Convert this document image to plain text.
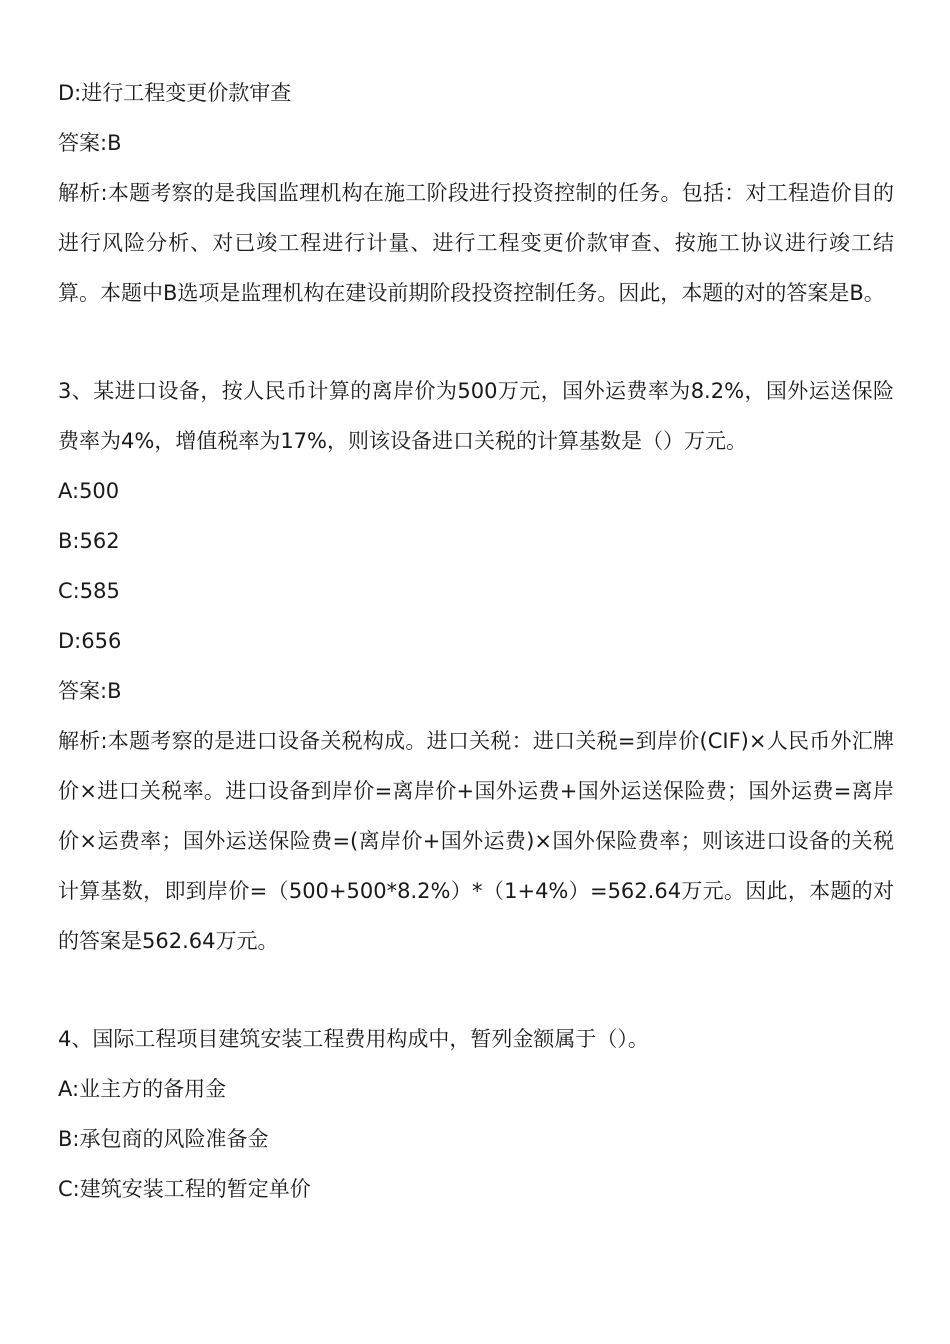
D:进行工程变更价款审查
答案:B
解析:本题考察的是我国监理机构在施工阶段进行投资控制的任务。包括：对工程造价目的进行风险分析、对已竣工程进行计量、进行工程变更价款审查、按施工协议进行竣工结算。本题中B选项是监理机构在建设前期阶段投资控制任务。因此，本题的对的答案是B。
3、某进口设备，按人民币计算的离岸价为500万元，国外运费率为8.2%，国外运送保险费率为4%，增值税率为17%，则该设备进口关税的计算基数是（）万元。
A:500
B:562
C:585
D:656
答案:B
解析:本题考察的是进口设备关税构成。进口关税：进口关税=到岸价(CIF)×人民币外汇牌价×进口关税率。进口设备到岸价=离岸价+国外运费+国外运送保险费；国外运费=离岸价×运费率；国外运送保险费=(离岸价+国外运费)×国外保险费率；则该进口设备的关税计算基数，即到岸价=（500+500*8.2%）*（1+4%）=562.64万元。因此，本题的对的答案是562.64万元。
4、国际工程项目建筑安装工程费用构成中，暂列金额属于（）。
A:业主方的备用金
B:承包商的风险准备金
C:建筑安装工程的暂定单价
